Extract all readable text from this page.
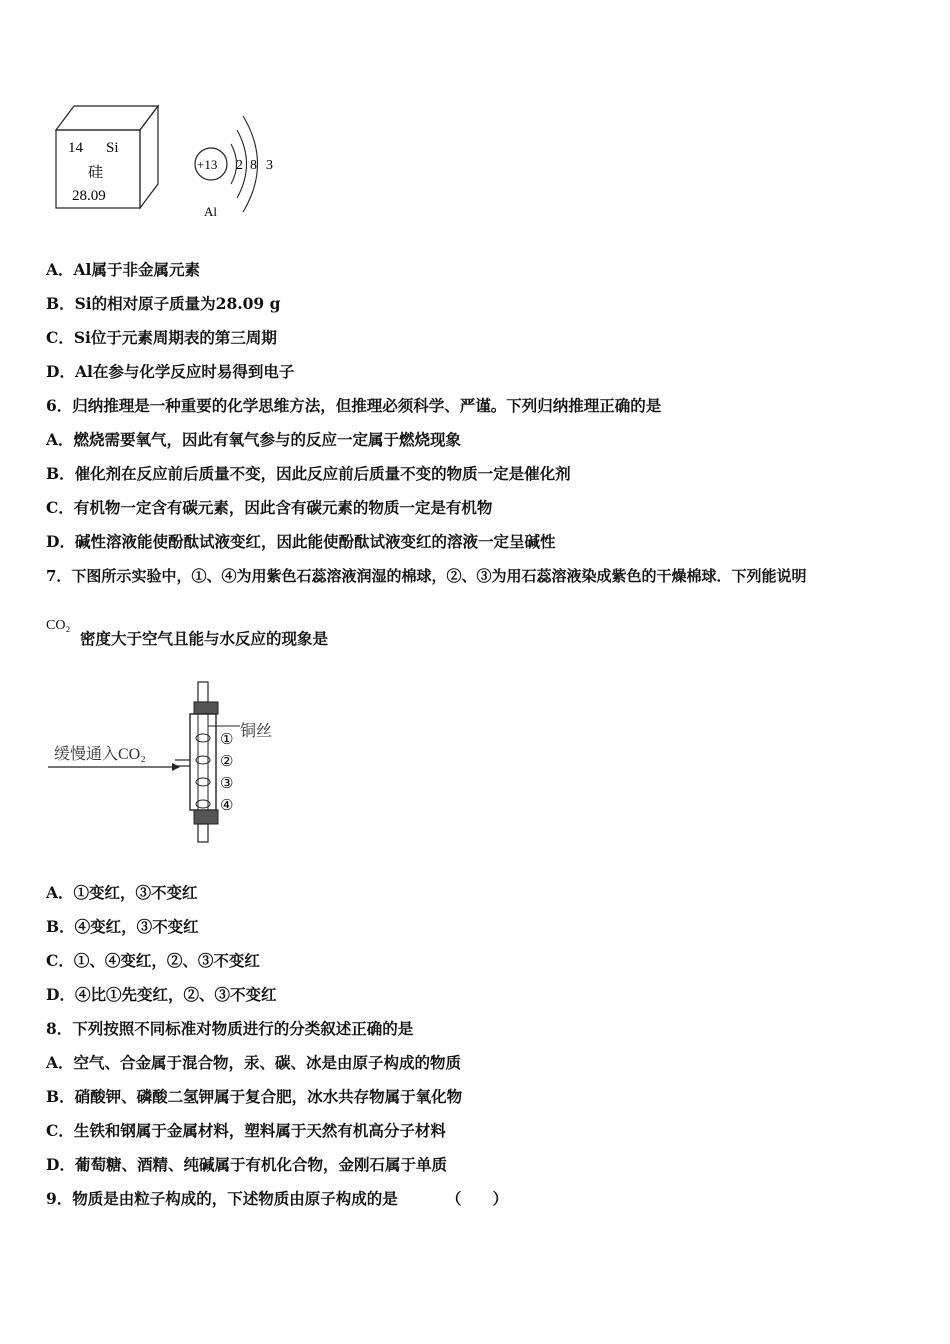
14 Si
硅
28.09
+13 2 8 3
Al
A．Al属于非金属元素
B．Si的相对原子质量为28.09 g
C．Si位于元素周期表的第三周期
D．Al在参与化学反应时易得到电子
6．归纳推理是一种重要的化学思维方法，但推理必须科学、严谨。下列归纳推理正确的是
A．燃烧需要氧气，因此有氧气参与的反应一定属于燃烧现象
B．催化剂在反应前后质量不变，因此反应前后质量不变的物质一定是催化剂
C．有机物一定含有碳元素，因此含有碳元素的物质一定是有机物
D．碱性溶液能使酚酞试液变红，因此能使酚酞试液变红的溶液一定呈碱性
7．下图所示实验中，①、④为用紫色石蕊溶液润湿的棉球，②、③为用石蕊溶液染成紫色的干燥棉球．下列能说明
CO₂
密度大于空气且能与水反应的现象是
缓慢通入CO₂
铜丝
①
②
③
④
A．①变红，③不变红
B．④变红，③不变红
C．①、④变红，②、③不变红
D．④比①先变红，②、③不变红
8．下列按照不同标准对物质进行的分类叙述正确的是
A．空气、合金属于混合物，汞、碳、冰是由原子构成的物质
B．硝酸钾、磷酸二氢钾属于复合肥，冰水共存物属于氧化物
C．生铁和钢属于金属材料，塑料属于天然有机高分子材料
D．葡萄糖、酒精、纯碱属于有机化合物，金刚石属于单质
9．物质是由粒子构成的，下述物质由原子构成的是	（　　）
